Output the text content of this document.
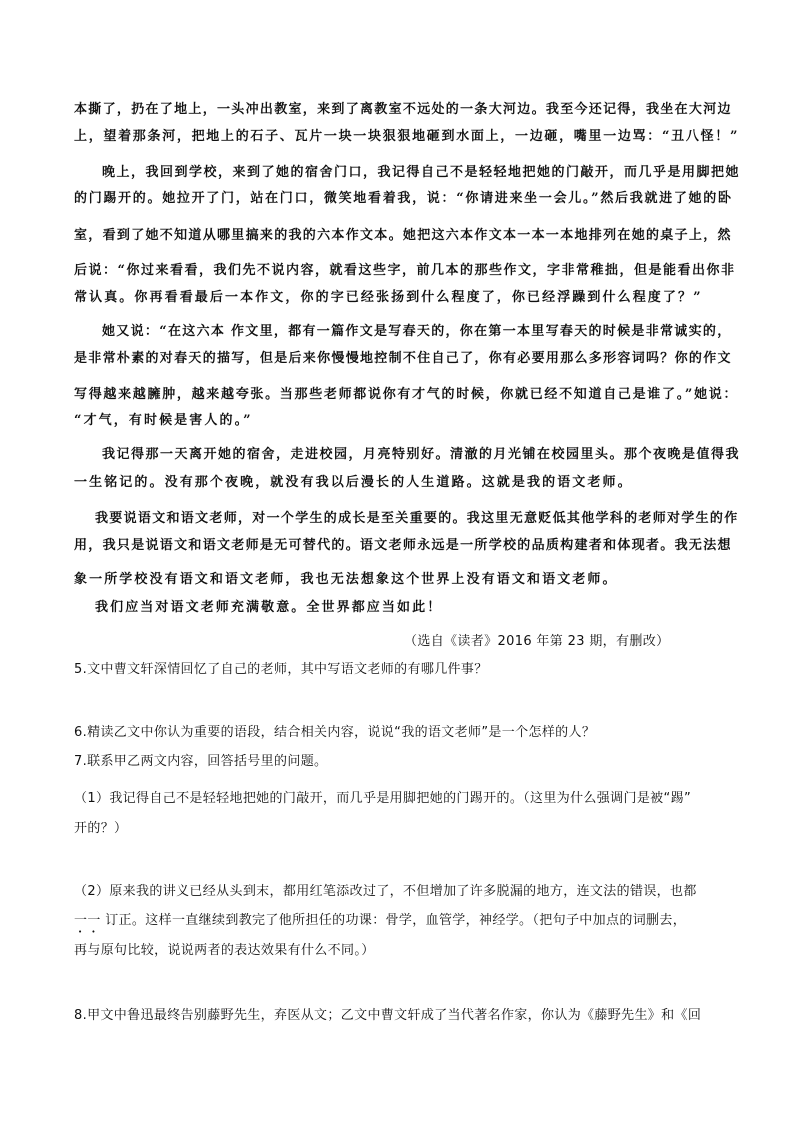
本撕了，扔在了地上，一头冲出教室，来到了离教室不远处的一条大河边。我至今还记得，我坐在大河边
上，望着那条河，把地上的石子、瓦片一块一块狠狠地砸到水面上，一边砸，嘴里一边骂：“丑八怪！”
晚上，我回到学校，来到了她的宿舍门口，我记得自己不是轻轻地把她的门敲开，而几乎是用脚把她
的门踢开的。她拉开了门，站在门口，微笑地看着我，说：“你请进来坐一会儿。”然后我就进了她的卧
室，看到了她不知道从哪里搞来的我的六本作文本。她把这六本作文本一本一本地排列在她的桌子上，然
后说：“你过来看看，我们先不说内容，就看这些字，前几本的那些作文，字非常稚拙，但是能看出你非
常认真。你再看看最后一本作文，你的字已经张扬到什么程度了，你已经浮躁到什么程度了？”
她又说：“在这六本 作文里，都有一篇作文是写春天的，你在第一本里写春天的时候是非常诚实的，
是非常朴素的对春天的描写，但是后来你慢慢地控制不住自己了，你有必要用那么多形容词吗？你的作文
写得越来越臃肿，越来越夸张。当那些老师都说你有才气的时候，你就已经不知道自己是谁了。”她说：
“才气，有时候是害人的。”
我记得那一天离开她的宿舍，走进校园，月亮特别好。清澈的月光铺在校园里头。那个夜晚是值得我
一生铭记的。没有那个夜晚，就没有我以后漫长的人生道路。这就是我的语文老师。
我要说语文和语文老师，对一个学生的成长是至关重要的。我这里无意贬低其他学科的老师对学生的作
用，我只是说语文和语文老师是无可替代的。语文老师永远是一所学校的品质构建者和体现者。我无法想
象一所学校没有语文和语文老师，我也无法想象这个世界上没有语文和语文老师。
我们应当对语文老师充满敬意。全世界都应当如此！
（选自《读者》2016 年第 23 期，有删改）
5.文中曹文轩深情回忆了自己的老师，其中写语文老师的有哪几件事？
6.精读乙文中你认为重要的语段，结合相关内容，说说“我的语文老师”是一个怎样的人？
7.联系甲乙两文内容，回答括号里的问题。
（1）我记得自己不是轻轻地把她的门敲开，而几乎是用脚把她的门踢开的。（这里为什么强调门是被“踢”
开的？）
（2）原来我的讲义已经从头到末，都用红笔添改过了，不但增加了许多脱漏的地方，连文法的错误，也都
一一 订正。这样一直继续到教完了他所担任的功课：骨学，血管学，神经学。（把句子中加点的词删去，
再与原句比较，说说两者的表达效果有什么不同。）
8.甲文中鲁迅最终告别藤野先生，弃医从文；乙文中曹文轩成了当代著名作家，你认为《藤野先生》和《回
